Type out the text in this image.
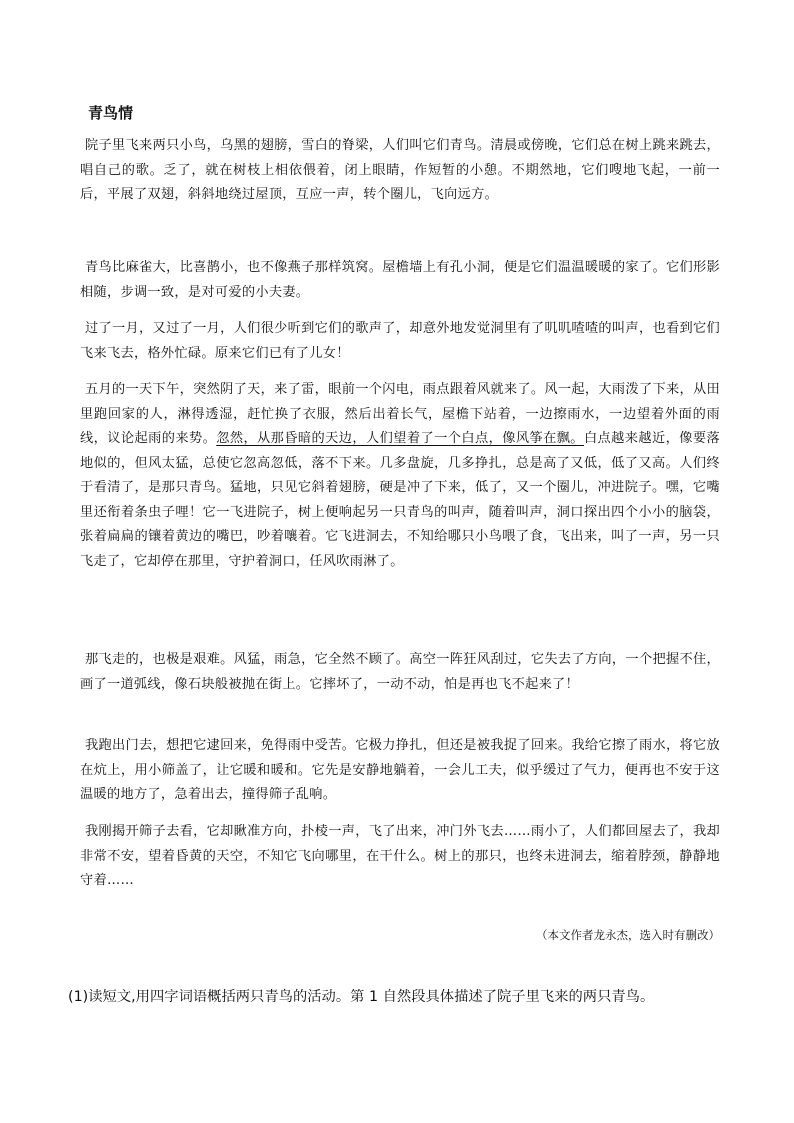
青鸟情

院子里飞来两只小鸟，乌黑的翅膀，雪白的脊梁，人们叫它们青鸟。清晨或傍晚，它们总在树上跳来跳去，唱自己的歌。乏了，就在树枝上相依偎着，闭上眼睛，作短暂的小憩。不期然地，它们嗖地飞起，一前一后，平展了双翅，斜斜地绕过屋顶，互应一声，转个圈儿，飞向远方。

青鸟比麻雀大，比喜鹊小，也不像燕子那样筑窝。屋檐墙上有孔小洞，便是它们温温暖暖的家了。它们形影相随，步调一致，是对可爱的小夫妻。

过了一月，又过了一月，人们很少听到它们的歌声了，却意外地发觉洞里有了叽叽喳喳的叫声，也看到它们飞来飞去，格外忙碌。原来它们已有了儿女！

五月的一天下午，突然阴了天，来了雷，眼前一个闪电，雨点跟着风就来了。风一起，大雨泼了下来，从田里跑回家的人，淋得透湿，赶忙换了衣服，然后出着长气，屋檐下站着，一边擦雨水，一边望着外面的雨线，议论起雨的来势。忽然，从那昏暗的天边，人们望着了一个白点，像风筝在飘。白点越来越近，像要落地似的，但风太猛，总使它忽高忽低，落不下来。几多盘旋，几多挣扎，总是高了又低，低了又高。人们终于看清了，是那只青鸟。猛地，只见它斜着翅膀，硬是冲了下来，低了，又一个圈儿，冲进院子。嘿，它嘴里还衔着条虫子哩！它一飞进院子，树上便响起另一只青鸟的叫声，随着叫声，洞口探出四个小小的脑袋，张着扁扁的镶着黄边的嘴巴，吵着嚷着。它飞进洞去，不知给哪只小鸟喂了食，飞出来，叫了一声，另一只飞走了，它却停在那里，守护着洞口，任风吹雨淋了。

那飞走的，也极是艰难。风猛，雨急，它全然不顾了。高空一阵狂风刮过，它失去了方向，一个把握不住，画了一道弧线，像石块般被抛在街上。它摔坏了，一动不动，怕是再也飞不起来了！

我跑出门去，想把它逮回来，免得雨中受苦。它极力挣扎，但还是被我捉了回来。我给它擦了雨水，将它放在炕上，用小筛盖了，让它暖和暖和。它先是安静地躺着，一会儿工夫，似乎缓过了气力，便再也不安于这温暖的地方了，急着出去，撞得筛子乱响。

我刚揭开筛子去看，它却瞅准方向，扑棱一声，飞了出来，冲门外飞去……雨小了，人们都回屋去了，我却非常不安，望着昏黄的天空，不知它飞向哪里，在干什么。树上的那只，也终未进洞去，缩着脖颈，静静地守着……

（本文作者龙永杰，选入时有删改）

(1)读短文,用四字词语概括两只青鸟的活动。第 1 自然段具体描述了院子里飞来的两只青鸟。
